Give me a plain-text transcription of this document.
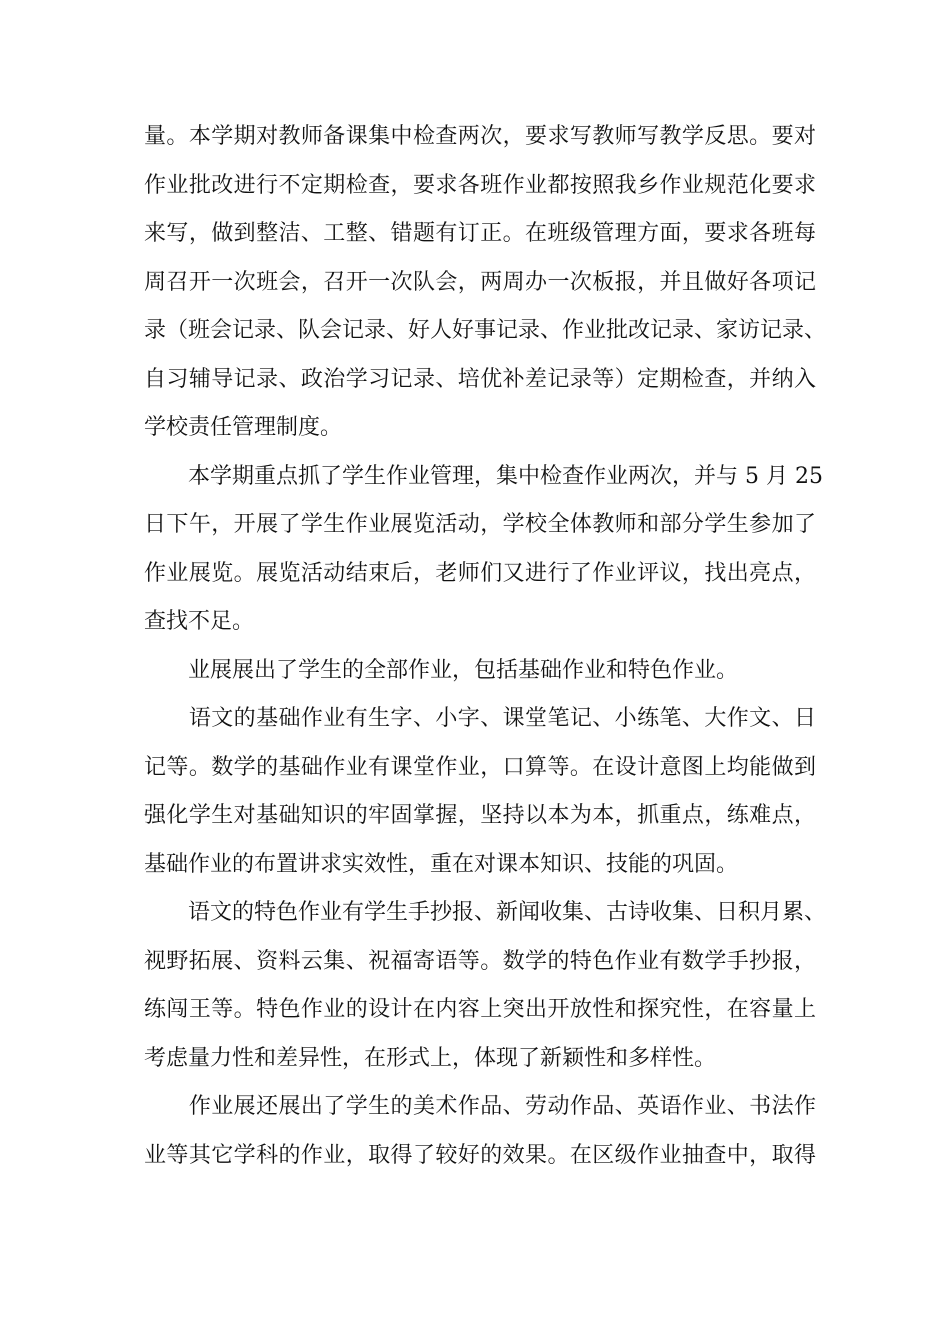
量。本学期对教师备课集中检查两次，要求写教师写教学反思。要对
作业批改进行不定期检查，要求各班作业都按照我乡作业规范化要求
来写，做到整洁、工整、错题有订正。在班级管理方面，要求各班每
周召开一次班会，召开一次队会，两周办一次板报，并且做好各项记
录（班会记录、队会记录、好人好事记录、作业批改记录、家访记录、
自习辅导记录、政治学习记录、培优补差记录等）定期检查，并纳入
学校责任管理制度。
　　本学期重点抓了学生作业管理，集中检查作业两次，并与 5 月 25
日下午，开展了学生作业展览活动，学校全体教师和部分学生参加了
作业展览。展览活动结束后，老师们又进行了作业评议，找出亮点，
查找不足。
　　业展展出了学生的全部作业，包括基础作业和特色作业。
　　语文的基础作业有生字、小字、课堂笔记、小练笔、大作文、日
记等。数学的基础作业有课堂作业，口算等。在设计意图上均能做到
强化学生对基础知识的牢固掌握，坚持以本为本，抓重点，练难点，
基础作业的布置讲求实效性，重在对课本知识、技能的巩固。
　　语文的特色作业有学生手抄报、新闻收集、古诗收集、日积月累、
视野拓展、资料云集、祝福寄语等。数学的特色作业有数学手抄报，
练闯王等。特色作业的设计在内容上突出开放性和探究性，在容量上
考虑量力性和差异性，在形式上，体现了新颖性和多样性。
　　作业展还展出了学生的美术作品、劳动作品、英语作业、书法作
业等其它学科的作业，取得了较好的效果。在区级作业抽查中，取得
